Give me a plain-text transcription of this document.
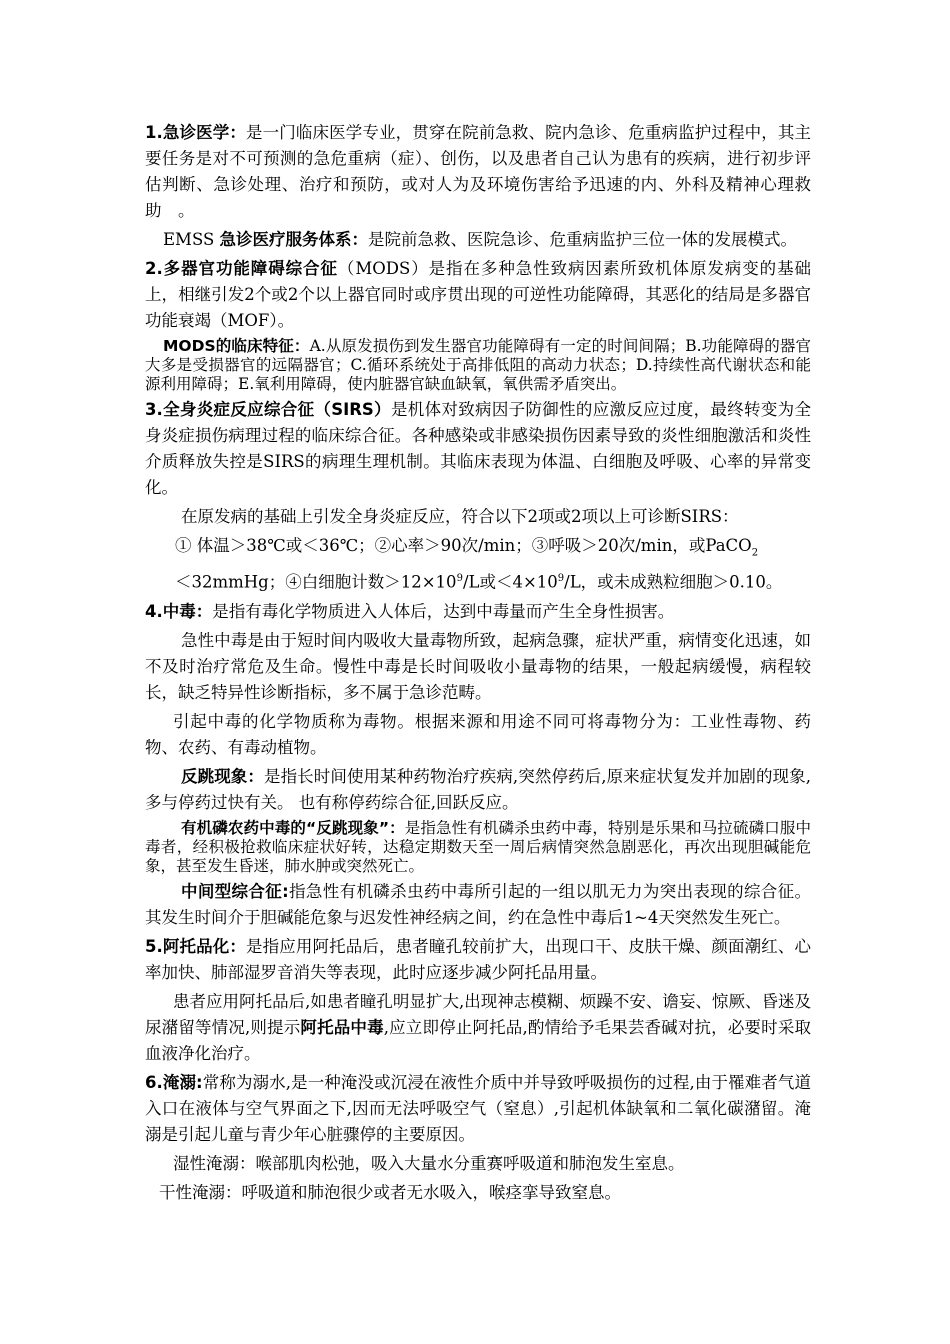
1.急诊医学：是一门临床医学专业，贯穿在院前急救、院内急诊、危重病监护过程中，其主要任务是对不可预测的急危重病（症）、创伤，以及患者自己认为患有的疾病，进行初步评估判断、急诊处理、治疗和预防，或对人为及环境伤害给予迅速的内、外科及精神心理救助　。

EMSS 急诊医疗服务体系：是院前急救、医院急诊、危重病监护三位一体的发展模式。

2.多器官功能障碍综合征（MODS）是指在多种急性致病因素所致机体原发病变的基础上，相继引发2个或2个以上器官同时或序贯出现的可逆性功能障碍，其恶化的结局是多器官功能衰竭（MOF）。

MODS的临床特征：A.从原发损伤到发生器官功能障碍有一定的时间间隔；B.功能障碍的器官大多是受损器官的远隔器官；C.循环系统处于高排低阻的高动力状态；D.持续性高代谢状态和能源利用障碍；E.氧利用障碍，使内脏器官缺血缺氧，氧供需矛盾突出。

3.全身炎症反应综合征（SIRS）是机体对致病因子防御性的应激反应过度，最终转变为全身炎症损伤病理过程的临床综合征。各种感染或非感染损伤因素导致的炎性细胞激活和炎性介质释放失控是SIRS的病理生理机制。其临床表现为体温、白细胞及呼吸、心率的异常变化。

在原发病的基础上引发全身炎症反应，符合以下2项或2项以上可诊断SIRS：

① 体温＞38℃或＜36℃；②心率＞90次/min；③呼吸＞20次/min，或PaCO$_2$

＜32mmHg；④白细胞计数$>12\times 10^9/L$或$<4\times 10^9/L$，或未成熟粒细胞＞0.10。

4.中毒：是指有毒化学物质进入人体后，达到中毒量而产生全身性损害。

急性中毒是由于短时间内吸收大量毒物所致，起病急骤，症状严重，病情变化迅速，如不及时治疗常危及生命。慢性中毒是长时间吸收小量毒物的结果，一般起病缓慢，病程较长，缺乏特异性诊断指标，多不属于急诊范畴。

引起中毒的化学物质称为毒物。根据来源和用途不同可将毒物分为：工业性毒物、药物、农药、有毒动植物。

反跳现象：是指长时间使用某种药物治疗疾病,突然停药后,原来症状复发并加剧的现象,多与停药过快有关。 也有称停药综合征,回跃反应。

有机磷农药中毒的“反跳现象”：是指急性有机磷杀虫药中毒，特别是乐果和马拉硫磷口服中毒者，经积极抢救临床症状好转，达稳定期数天至一周后病情突然急剧恶化，再次出现胆碱能危象，甚至发生昏迷，肺水肿或突然死亡。

中间型综合征:指急性有机磷杀虫药中毒所引起的一组以肌无力为突出表现的综合征。其发生时间介于胆碱能危象与迟发性神经病之间，约在急性中毒后1~4天突然发生死亡。

5.阿托品化：是指应用阿托品后，患者瞳孔较前扩大，出现口干、皮肤干燥、颜面潮红、心率加快、肺部湿罗音消失等表现，此时应逐步减少阿托品用量。

患者应用阿托品后,如患者瞳孔明显扩大,出现神志模糊、烦躁不安、谵妄、惊厥、昏迷及尿潴留等情况,则提示阿托品中毒,应立即停止阿托品,酌情给予毛果芸香碱对抗，必要时采取血液净化治疗。

6.淹溺:常称为溺水,是一种淹没或沉浸在液性介质中并导致呼吸损伤的过程,由于罹难者气道入口在液体与空气界面之下,因而无法呼吸空气（窒息）,引起机体缺氧和二氧化碳潴留。淹溺是引起儿童与青少年心脏骤停的主要原因。

湿性淹溺：喉部肌肉松弛，吸入大量水分重赛呼吸道和肺泡发生室息。

干性淹溺：呼吸道和肺泡很少或者无水吸入，喉痉挛导致窒息。
